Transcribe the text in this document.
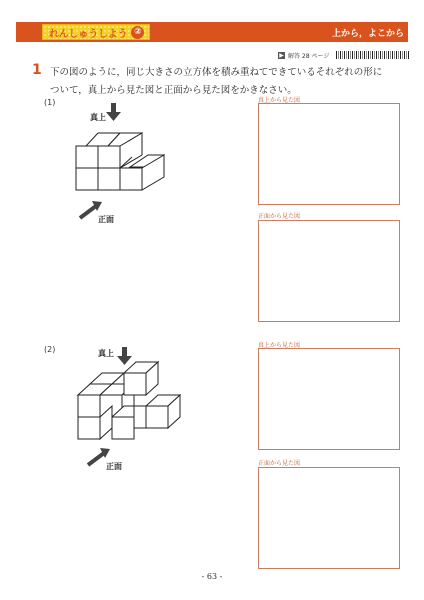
れんしゅうしよう ②	上から，よこから
▶ 解答 28 ページ
1 下の図のように，同じ大きさの立方体を積み重ねてできているそれぞれの形に
ついて，真上から見た図と正面から見た図をかきなさい。
(1)
真上
正面
真上から見た図
正面から見た図
(2)	真上
正面
真上から見た図
正面から見た図
- 63 -
